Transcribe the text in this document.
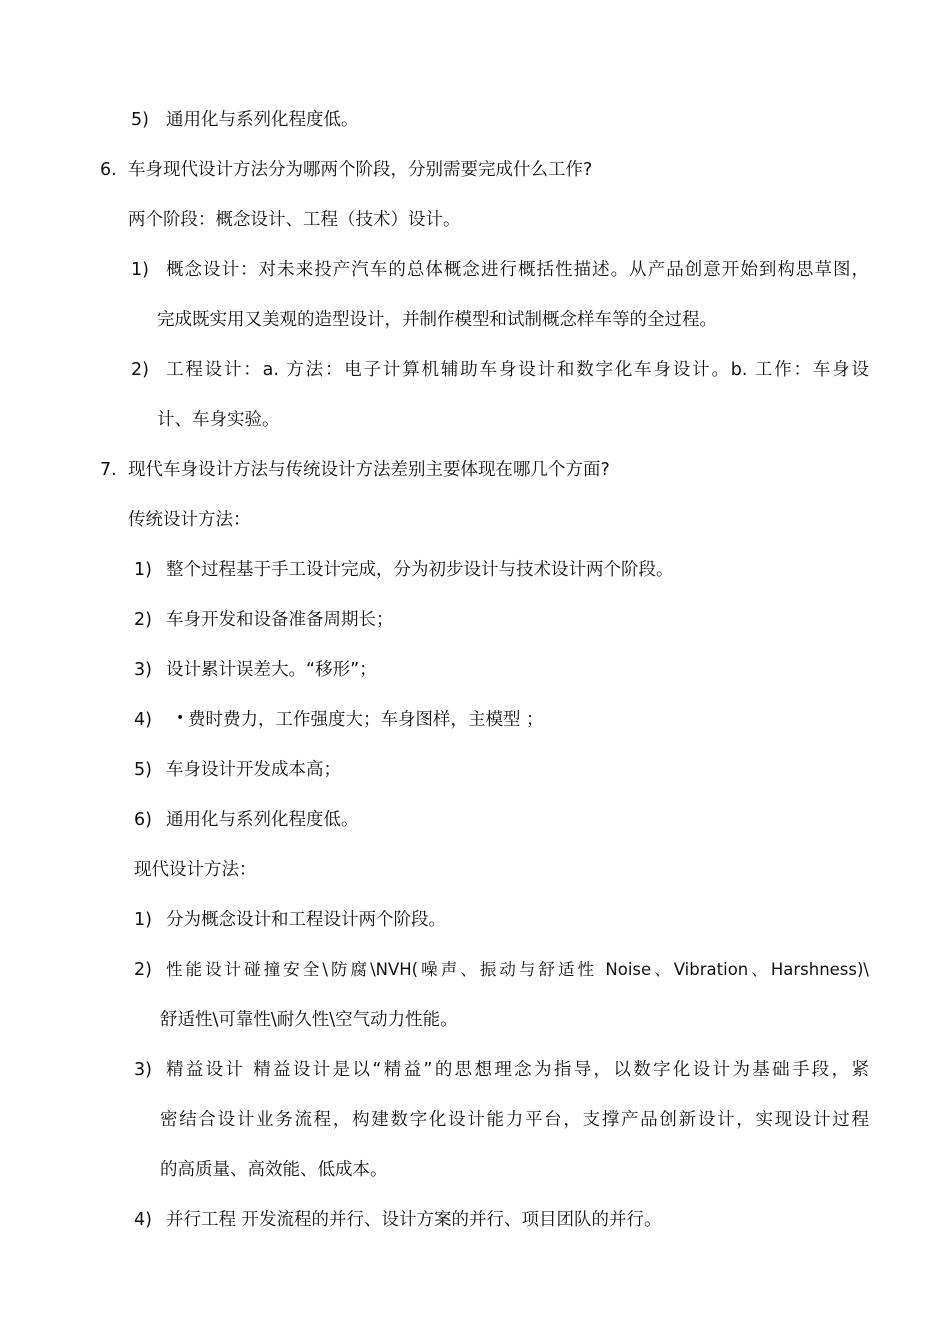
5) 通用化与系列化程度低。
6. 车身现代设计方法分为哪两个阶段，分别需要完成什么工作?
两个阶段：概念设计、工程（技术）设计。
1) 概念设计：对未来投产汽车的总体概念进行概括性描述。从产品创意开始到构思草图，
完成既实用又美观的造型设计，并制作模型和试制概念样车等的全过程。
2) 工程设计：a. 方法：电子计算机辅助车身设计和数字化车身设计。b. 工作：车身设
计、车身实验。
7. 现代车身设计方法与传统设计方法差别主要体现在哪几个方面?
传统设计方法：
1) 整个过程基于手工设计完成，分为初步设计与技术设计两个阶段。
2) 车身开发和设备准备周期长；
3) 设计累计误差大。“移形”；
4) • 费时费力，工作强度大；车身图样，主模型 ；
5) 车身设计开发成本高；
6) 通用化与系列化程度低。
现代设计方法：
1) 分为概念设计和工程设计两个阶段。
2) 性能设计碰撞安全\防腐\NVH(噪声、振动与舒适性 Noise、Vibration、Harshness)\
舒适性\可靠性\耐久性\空气动力性能。
3) 精益设计 精益设计是以“精益”的思想理念为指导，以数字化设计为基础手段，紧
密结合设计业务流程，构建数字化设计能力平台，支撑产品创新设计，实现设计过程
的高质量、高效能、低成本。
4) 并行工程 开发流程的并行、设计方案的并行、项目团队的并行。
